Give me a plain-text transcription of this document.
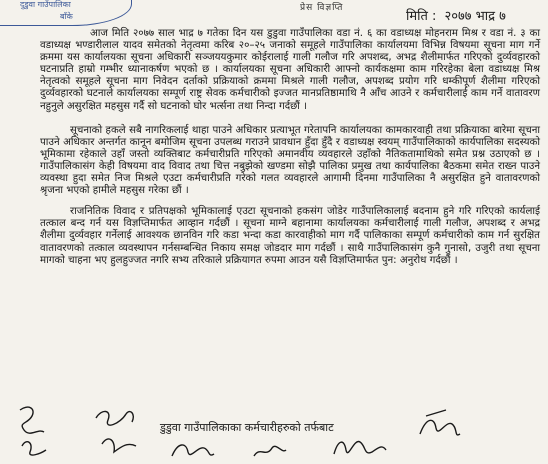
दुडुवा गाउँपालिका
बाँके
प्रेस विज्ञप्ति
मिति : २०७७ भाद्र ७

आज मिति २०७७ साल भाद्र ७ गतेका दिन यस डुडुवा गाउँपालिका वडा नं. ६ का वडाध्यक्ष मोहनराम मिश्र र वडा नं. ३ का वडाध्यक्ष भण्डारीलाल यादव समेतको नेतृत्वमा करिब २०–२५ जनाको समूहले गाउँपालिका कार्यालयमा विभिन्न विषयमा सूचना माग गर्ने क्रममा यस कार्यालयका सूचना अधिकारी सञ्जययकुमार कोईरालाई गाली गलौज गरि अपशब्द, अभद्र शैलीमार्फत गरिएको दुर्व्यवहारको घटनाप्रति हाम्रो गम्भीर ध्यानाकर्षण भएको छ । कार्यालयका सूचना अधिकारी आफ्नो कार्यकक्षमा काम गरिरहेका बेला वडाध्यक्ष मिश्र नेतृत्वको समूहले सूचना माग निवेदन दर्ताको प्रक्रियाको क्रममा मिश्रले गाली गलौज, अपशब्द प्रयोग गरि धम्कीपूर्ण शैलीमा गरिएको दुर्व्यवहारको घटनाले कार्यालयका सम्पूर्ण राष्ट्र सेवक कर्मचारीको इज्जत मानप्रतिष्ठामाथि नै आँच आउने र कर्मचारीलाई काम गर्ने वातावरण नहुनुले असुरक्षित महसुस गर्दै सो घटनाको घोर भर्त्सना तथा निन्दा गर्दछौं ।

सूचनाको हकले सबै नागरिकलाई थाहा पाउने अधिकार प्रत्याभूत गरेतापनि कार्यालयका कामकारवाही तथा प्रक्रियाका बारेमा सूचना पाउने अधिकार अन्तर्गत कानून बमोजिम सूचना उपलब्ध गराउने प्रावधान हुँदा हुँदै र वडाध्यक्ष स्वयम् गाउँपालिकाको कार्यपालिका सदस्यको भूमिकामा रहेकाले उहाँ जस्तो व्यक्तिबाट कर्मचारीप्रति गरिएको अमानवीय व्यवहारले उहाँको नैतिकतामाथिको समेत प्रश्न उठाएको छ । गाउँपालिकासंग केही विषयमा वाद विवाद तथा चित्त नबुझेको खण्डमा सोझै पालिका प्रमुख तथा कार्यपालिका बैठकमा समेत राख्न पाउने व्यवस्था हुदा समेत निज मिश्रले एउटा कर्मचारीप्रति गरेको गलत व्यवहारले आगामी दिनमा गाउँपालिका नै असुरक्षित हुने वातावरणको श्रृजना भएको हामीले महसुस गरेका छौं ।

राजनितिक विवाद र प्रतिपक्षको भूमिकालाई एउटा सूचनाको हकसंग जोडेर गाउँपालिकालाई बदनाम हुने गरि गरिएको कार्यलाई तत्काल बन्द गर्न यस विज्ञप्तिमार्फत आव्हान गर्दछौं । सूचना माग्ने बहानामा कार्यालयका कर्मचारीलाई गाली गलौज, अपशब्द र अभद्र शैलीमा दुर्व्यवहार गर्नेलाई आवश्यक छानविन गरि कडा भन्दा कडा कारवाहीको माग गर्दै पालिकाका सम्पूर्ण कर्मचारीको काम गर्न सुरक्षित वातावरणको तत्काल व्यवस्थापन गर्नसम्बन्धित निकाय समक्ष जोडदार माग गर्दछौं । साथै गाउँपालिकासंग कुनै गुनासो, उजुरी तथा सूचना मागको चाहना भए हुलहुज्जत नगरि सभ्य तरिकाले प्रक्रियागत रुपमा आउन यसै विज्ञप्तिमार्फत पुन: अनुरोध गर्दछौं ।

डुडुवा गाउँपालिकाका कर्मचारीहरुको तर्फबाट
